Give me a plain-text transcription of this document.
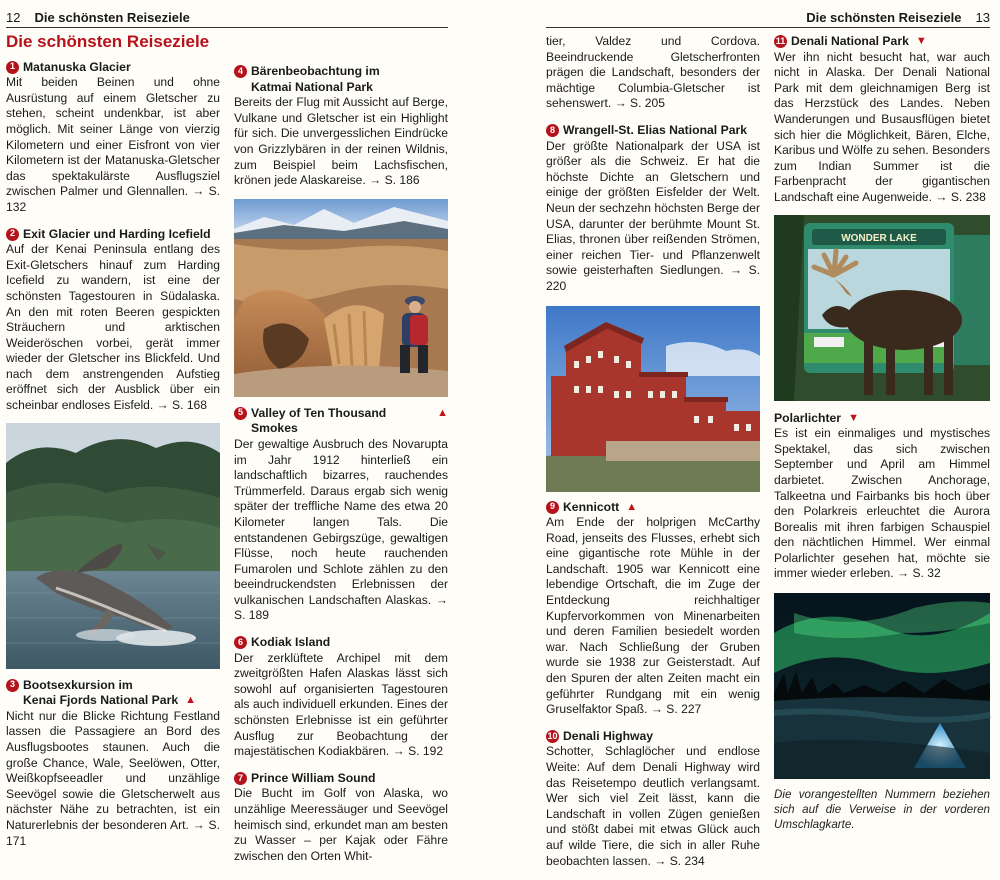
12 Die schönsten Reiseziele
Die schönsten Reiseziele
1 Matanuska Glacier

Mit beiden Beinen und ohne Ausrüstung auf einem Gletscher zu stehen, scheint undenkbar, ist aber möglich. Mit seiner Länge von vierzig Kilometern und einer Eisfront von vier Kilometern ist der Matanuska-Gletscher das spektakulärste Ausflugsziel zwischen Palmer und Glennallen. → S. 132

2 Exit Glacier und Harding Icefield

Auf der Kenai Peninsula entlang des Exit-Gletschers hinauf zum Harding Icefield zu wandern, ist eine der schönsten Tagestouren in Südalaska. An den mit roten Beeren gespickten Sträuchern und arktischen Weideröschen vorbei, gerät immer wieder der Gletscher ins Blickfeld. Und nach dem anstrengenden Aufstieg eröffnet sich der Ausblick über ein scheinbar endloses Eisfeld. → S. 168

3 Bootsexkursion im
Kenai Fjords National Park ▲

Nicht nur die Blicke Richtung Festland lassen die Passagiere an Bord des Ausflugsbootes staunen. Auch die große Chance, Wale, Seelöwen, Otter, Weißkopfseeadler und unzählige Seevögel sowie die Gletscherwelt aus nächster Nähe zu betrachten, ist ein Naturerlebnis der besonderen Art. → S. 171

4 Bärenbeobachtung im
Katmai National Park

Bereits der Flug mit Aussicht auf Berge, Vulkane und Gletscher ist ein Highlight für sich. Die unvergesslichen Eindrücke von Grizzlybären in der reinen Wildnis, zum Beispiel beim Lachsfischen, krönen jede Alaskareise. → S. 186

5 Valley of Ten Thousand Smokes
▲

Der gewaltige Ausbruch des Novarupta im Jahr 1912 hinterließ ein landschaftlich bizarres, rauchendes Trümmerfeld. Daraus ergab sich wenig später der treffliche Name des etwa 20 Kilometer langen Tals. Die entstandenen Gebirgszüge, gewaltigen Flüsse, noch heute rauchenden Fumarolen und Schlote zählen zu den beeindruckendsten Erlebnissen der vulkanischen Landschaften Alaskas. → S. 189

6 Kodiak Island

Der zerklüftete Archipel mit dem zweitgrößten Hafen Alaskas lässt sich sowohl auf organisierten Tagestouren als auch individuell erkunden. Eines der schönsten Erlebnisse ist ein geführter Ausflug zur Beobachtung der majestätischen Kodiakbären. → S. 192

7 Prince William Sound

Die Bucht im Golf von Alaska, wo unzählige Meeressäuger und Seevögel heimisch sind, erkundet man am besten zu Wasser – per Kajak oder Fähre zwischen den Orten Whit-

Die schönsten Reiseziele 13

tier, Valdez und Cordova. Beeindruckende Gletscherfronten prägen die Landschaft, besonders der mächtige Columbia-Gletscher ist sehenswert. → S. 205

8 Wrangell-St. Elias National Park

Der größte Nationalpark der USA ist größer als die Schweiz. Er hat die höchste Dichte an Gletschern und einige der größten Eisfelder der Welt. Neun der sechzehn höchsten Berge der USA, darunter der berühmte Mount St. Elias, thronen über reißenden Strömen, einer reichen Tier- und Pflanzenwelt sowie geisterhaften Siedlungen. → S. 220

9 Kennicott ▲

Am Ende der holprigen McCarthy Road, jenseits des Flusses, erhebt sich eine gigantische rote Mühle in der Landschaft. 1905 war Kennicott eine lebendige Ortschaft, die im Zuge der Entdeckung reichhaltiger Kupfervorkommen von Minenarbeiten und deren Familien besiedelt worden war. Nach Schließung der Gruben wurde sie 1938 zur Geisterstadt. Auf den Spuren der alten Zeiten macht ein geführter Rundgang mit ein wenig Gruselfaktor Spaß. → S. 227

10 Denali Highway

Schotter, Schlaglöcher und endlose Weite: Auf dem Denali Highway wird das Reisetempo deutlich verlangsamt. Wer sich viel Zeit lässt, kann die Landschaft in vollen Zügen genießen und stößt dabei mit etwas Glück auch auf wilde Tiere, die sich in aller Ruhe beobachten lassen. → S. 234

11 Denali National Park ▼

Wer ihn nicht besucht hat, war auch nicht in Alaska. Der Denali National Park mit dem gleichnamigen Berg ist das Herzstück des Landes. Neben Wanderungen und Busausflügen bietet sich hier die Möglichkeit, Bären, Elche, Karibus und Wölfe zu sehen. Besonders zum Indian Summer ist die Farbenpracht der gigantischen Landschaft eine Augenweide. → S. 238

WONDER LAKE
Polarlichter ▼

Es ist ein einmaliges und mystisches Spektakel, das sich zwischen September und April am Himmel darbietet. Zwischen Anchorage, Talkeetna und Fairbanks bis hoch über den Polarkreis erleuchtet die Aurora Borealis mit ihren farbigen Schauspiel den nächtlichen Himmel. Wer einmal Polarlichter gesehen hat, möchte sie immer wieder erleben. → S. 32

Die vorangestellten Nummern beziehen sich auf die Verweise in der vorderen Umschlagkarte.
